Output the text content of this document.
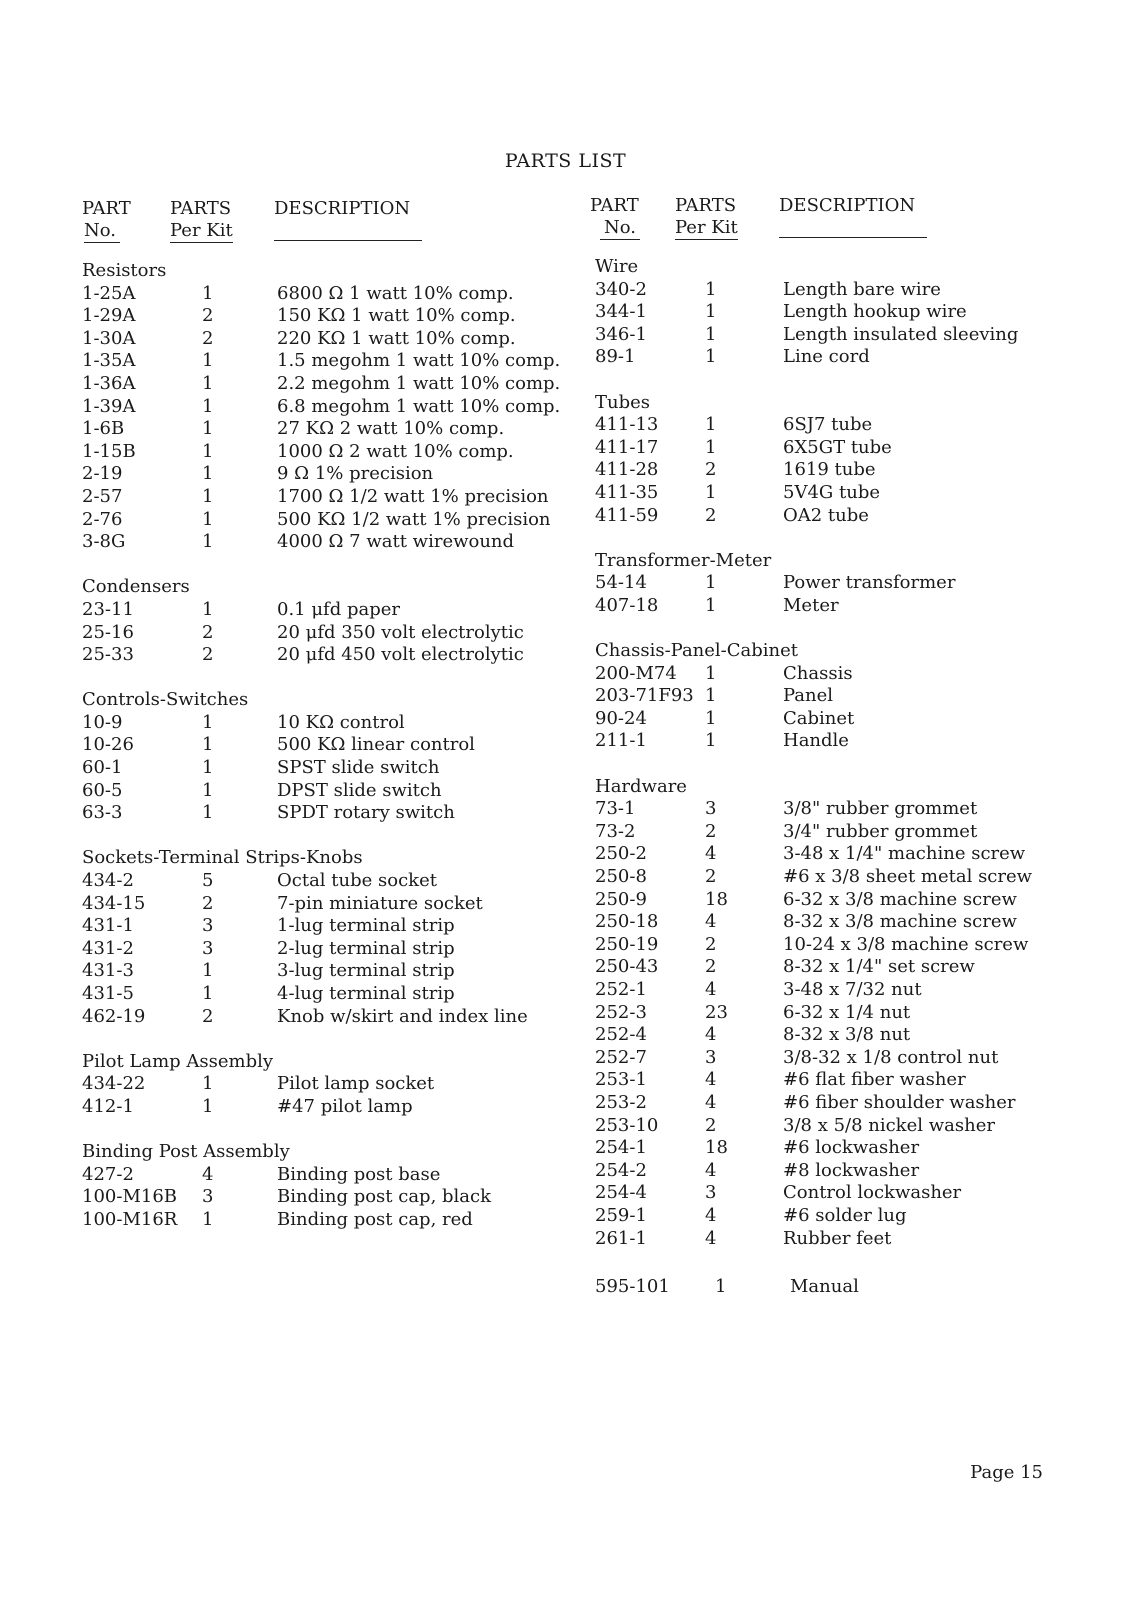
PARTS LIST
PART
No.
PARTS
Per Kit
DESCRIPTION
Resistors
1-25A	1	6800 Ω 1 watt 10% comp.
1-29A	2	150 KΩ 1 watt 10% comp.
1-30A	2	220 KΩ 1 watt 10% comp.
1-35A	1	1.5 megohm 1 watt 10% comp.
1-36A	1	2.2 megohm 1 watt 10% comp.
1-39A	1	6.8 megohm 1 watt 10% comp.
1-6B	1	27 KΩ 2 watt 10% comp.
1-15B	1	1000 Ω 2 watt 10% comp.
2-19	1	9 Ω 1% precision
2-57	1	1700 Ω 1/2 watt 1% precision
2-76	1	500 KΩ 1/2 watt 1% precision
3-8G	1	4000 Ω 7 watt wirewound
Condensers
23-11	1	0.1 μfd paper
25-16	2	20 μfd 350 volt electrolytic
25-33	2	20 μfd 450 volt electrolytic
Controls-Switches
10-9	1	10 KΩ control
10-26	1	500 KΩ linear control
60-1	1	SPST slide switch
60-5	1	DPST slide switch
63-3	1	SPDT rotary switch
Sockets-Terminal Strips-Knobs
434-2	5	Octal tube socket
434-15	2	7-pin miniature socket
431-1	3	1-lug terminal strip
431-2	3	2-lug terminal strip
431-3	1	3-lug terminal strip
431-5	1	4-lug terminal strip
462-19	2	Knob w/skirt and index line
Pilot Lamp Assembly
434-22	1	Pilot lamp socket
412-1	1	#47 pilot lamp
Binding Post Assembly
427-2	4	Binding post base
100-M16B 3	Binding post cap, black
100-M16R 1	Binding post cap, red
PART
No.
PARTS
Per Kit
DESCRIPTION
Wire
340-2	1	Length bare wire
344-1	1	Length hookup wire
346-1	1	Length insulated sleeving
89-1	1	Line cord
Tubes
411-13	1	6SJ7 tube
411-17	1	6X5GT tube
411-28	2	1619 tube
411-35	1	5V4G tube
411-59	2	OA2 tube
Transformer-Meter
54-14	1	Power transformer
407-18	1	Meter
Chassis-Panel-Cabinet
200-M74 1	Chassis
203-71F93 1	Panel
90-24	1	Cabinet
211-1	1	Handle
Hardware
73-1	3	3/8" rubber grommet
73-2	2	3/4" rubber grommet
250-2	4	3-48 x 1/4" machine screw
250-8	2	#6 x 3/8 sheet metal screw
250-9	18	6-32 x 3/8 machine screw
250-18	4	8-32 x 3/8 machine screw
250-19	2	10-24 x 3/8 machine screw
250-43	2	8-32 x 1/4" set screw
252-1	4	3-48 x 7/32 nut
252-3	23	6-32 x 1/4 nut
252-4	4	8-32 x 3/8 nut
252-7	3	3/8-32 x 1/8 control nut
253-1	4	#6 flat fiber washer
253-2	4	#6 fiber shoulder washer
253-10	2	3/8 x 5/8 nickel washer
254-1	18	#6 lockwasher
254-2	4	#8 lockwasher
254-4	3	Control lockwasher
259-1	4	#6 solder lug
261-1	4	Rubber feet
595-101	1	Manual
Page 15
